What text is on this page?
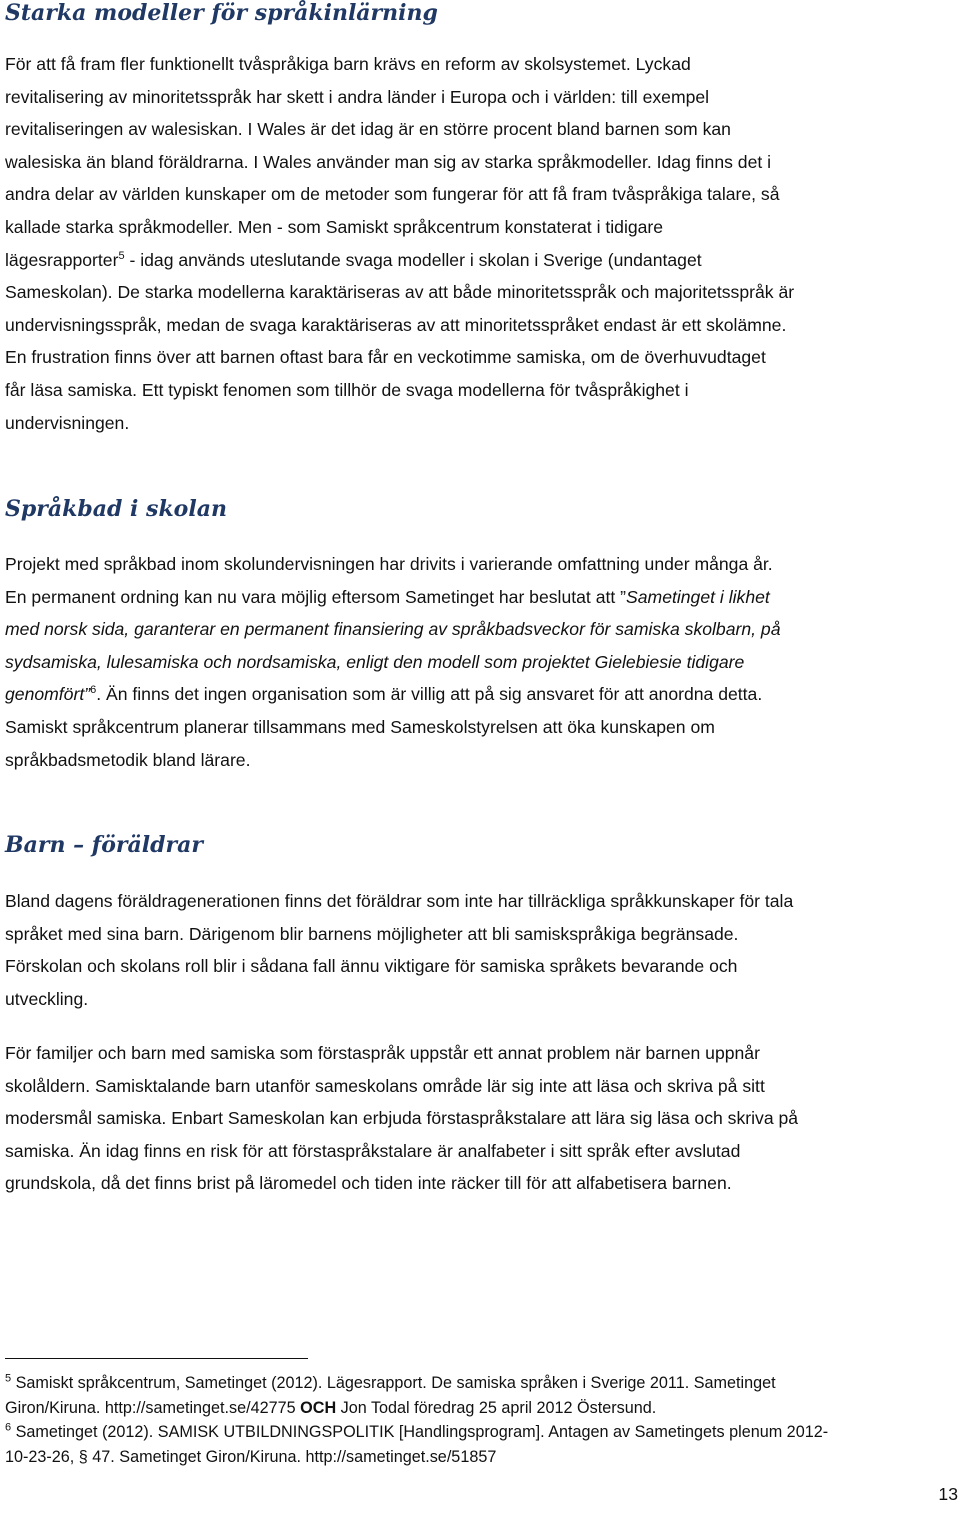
Starka modeller för språkinlärning
För att få fram fler funktionellt tvåspråkiga barn krävs en reform av skolsystemet. Lyckad
revitalisering av minoritetsspråk har skett i andra länder i Europa och i världen: till exempel
revitaliseringen av walesiskan. I Wales är det idag är en större procent bland barnen som kan
walesiska än bland föräldrarna. I Wales använder man sig av starka språkmodeller. Idag finns det i
andra delar av världen kunskaper om de metoder som fungerar för att få fram tvåspråkiga talare, så
kallade starka språkmodeller. Men - som Samiskt språkcentrum konstaterat i tidigare
lägesrapporter$^5$ - idag används uteslutande svaga modeller i skolan i Sverige (undantaget
Sameskolan). De starka modellerna karaktäriseras av att både minoritetsspråk och majoritetsspråk är
undervisningsspråk, medan de svaga karaktäriseras av att minoritetsspråket endast är ett skolämne.
En frustration finns över att barnen oftast bara får en veckotimme samiska, om de överhuvudtaget
får läsa samiska. Ett typiskt fenomen som tillhör de svaga modellerna för tvåspråkighet i
undervisningen.
Språkbad i skolan
Projekt med språkbad inom skolundervisningen har drivits i varierande omfattning under många år.
En permanent ordning kan nu vara möjlig eftersom Sametinget har beslutat att ”Sametinget i likhet
med norsk sida, garanterar en permanent finansiering av språkbadsveckor för samiska skolbarn, på
sydsamiska, lulesamiska och nordsamiska, enligt den modell som projektet Gielebiesie tidigare
genomfört”$^6$. Än finns det ingen organisation som är villig att på sig ansvaret för att anordna detta.
Samiskt språkcentrum planerar tillsammans med Sameskolstyrelsen att öka kunskapen om
språkbadsmetodik bland lärare.
Barn – föräldrar
Bland dagens föräldragenerationen finns det föräldrar som inte har tillräckliga språkkunskaper för tala
språket med sina barn. Därigenom blir barnens möjligheter att bli samiskspråkiga begränsade.
Förskolan och skolans roll blir i sådana fall ännu viktigare för samiska språkets bevarande och
utveckling.
För familjer och barn med samiska som förstaspråk uppstår ett annat problem när barnen uppnår
skolåldern. Samisktalande barn utanför sameskolans område lär sig inte att läsa och skriva på sitt
modersmål samiska. Enbart Sameskolan kan erbjuda förstaspråkstalare att lära sig läsa och skriva på
samiska. Än idag finns en risk för att förstaspråkstalare är analfabeter i sitt språk efter avslutad
grundskola, då det finns brist på läromedel och tiden inte räcker till för att alfabetisera barnen.
$^5$ Samiskt språkcentrum, Sametinget (2012). Lägesrapport. De samiska språken i Sverige 2011. Sametinget
Giron/Kiruna. http://sametinget.se/42775 OCH Jon Todal föredrag 25 april 2012 Östersund.
$^6$ Sametinget (2012). SAMISK UTBILDNINGSPOLITIK [Handlingsprogram]. Antagen av Sametingets plenum 2012-
10-23-26, § 47. Sametinget Giron/Kiruna. http://sametinget.se/51857
13
